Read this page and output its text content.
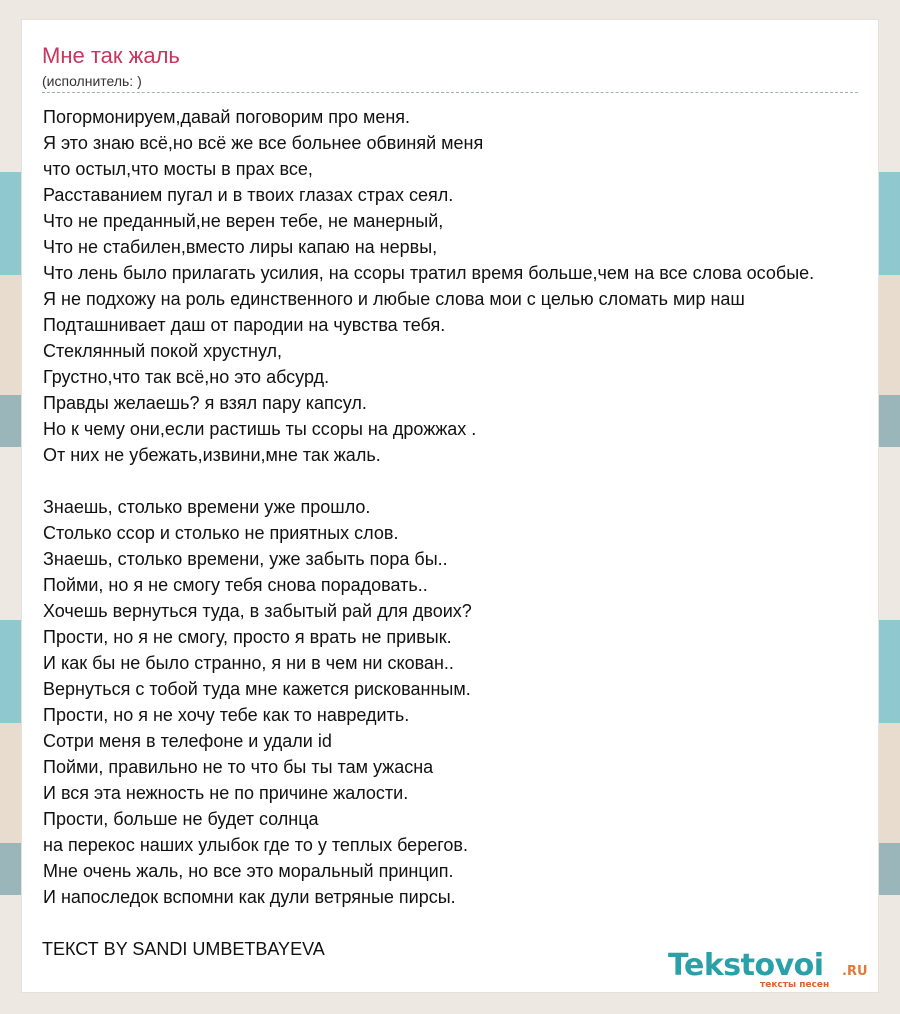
Мне так жаль
(исполнитель: )
Погормонируем,давай поговорим про меня.
Я это знаю всё,но всё же все больнее обвиняй меня
что остыл,что мосты в прах все,
Расставанием пугал и в твоих глазах страх сеял.
Что не преданный,не верен тебе, не манерный,
Что не стабилен,вместо лиры капаю на нервы,
Что лень было прилагать усилия, на ссоры тратил время больше,чем на все слова особые.
Я не подхожу на роль единственного и любые слова мои с целью сломать мир наш
Подташнивает даш от пародии на чувства тебя.
Стеклянный покой хрустнул,
Грустно,что так всё,но это абсурд.
Правды желаешь? я взял пару капсул.
Но к чему они,если растишь ты ссоры на дрожжах .
От них не убежать,извини,мне так жаль.
Знаешь, столько времени уже прошло.
Столько ссор и столько не приятных слов.
Знаешь, столько времени, уже забыть пора бы..
Пойми, но я не смогу тебя снова порадовать..
Хочешь вернуться туда, в забытый рай для двоих?
Прости, но я не смогу, просто я врать не привык.
И как бы не было странно, я ни в чем ни скован..
Вернуться с тобой туда мне кажется рискованным.
Прости, но я не хочу тебе как то навредить.
Сотри меня в телефоне и удали id
Пойми, правильно не то что бы ты там ужасна
И вся эта нежность не по причине жалости.
Прости, больше не будет солнца
на перекос наших улыбок где то у теплых берегов.
Мне очень жаль, но все это моральный принцип.
И напоследок вспомни как дули ветряные пирсы.
ТЕКСТ BY SANDI UMBETBAYEVA	Tekstovoi .RU
тексты песен
